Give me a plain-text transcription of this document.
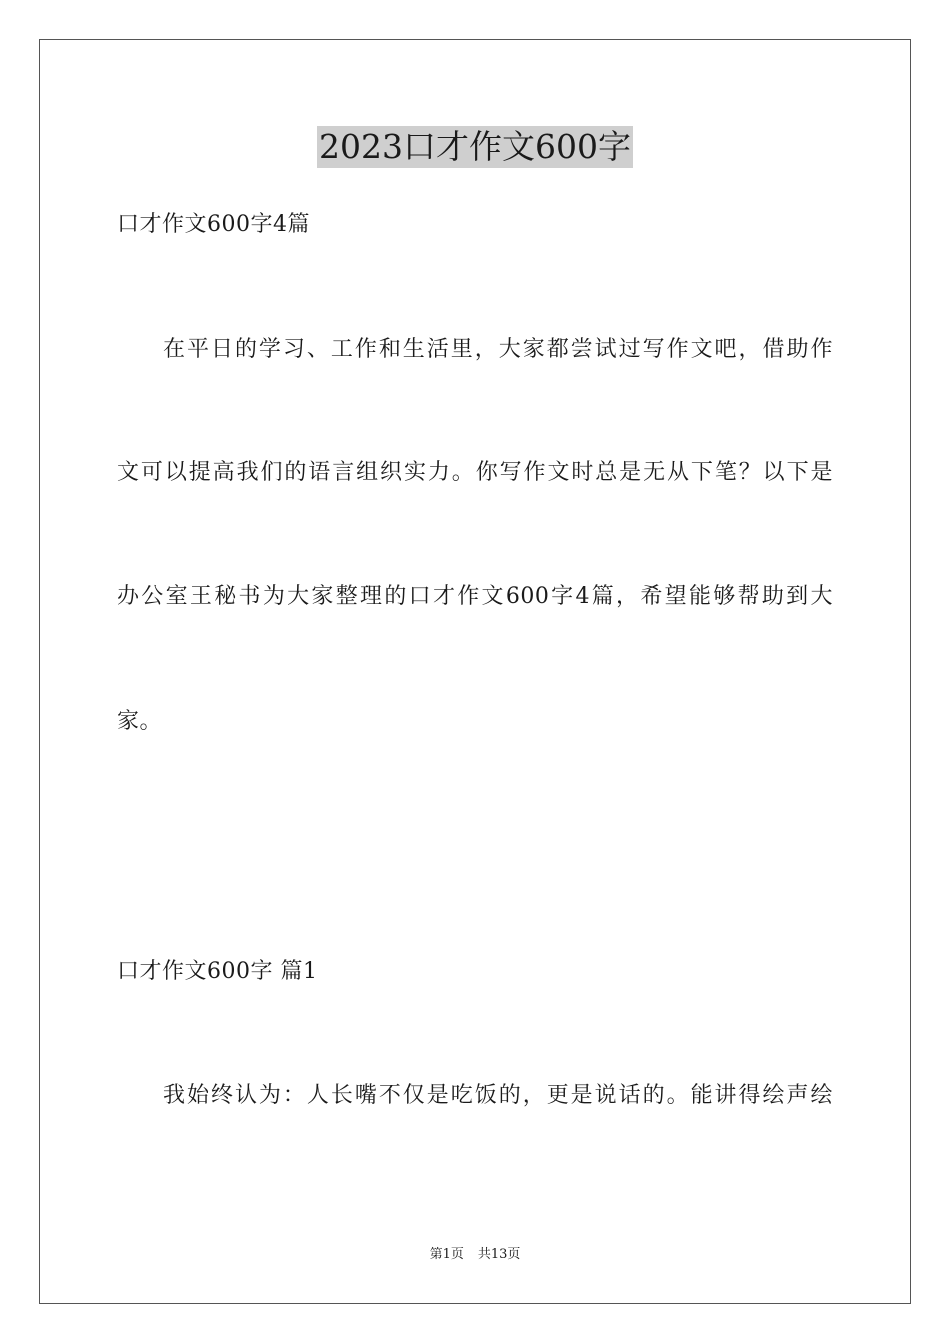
2023口才作文600字
口才作文600字4篇
在平日的学习、工作和生活里，大家都尝试过写作文吧，借助作
文可以提高我们的语言组织实力。你写作文时总是无从下笔？以下是
办公室王秘书为大家整理的口才作文600字4篇，希望能够帮助到大
家。
口才作文600字 篇1
我始终认为：人长嘴不仅是吃饭的，更是说话的。能讲得绘声绘
第1页 共13页
